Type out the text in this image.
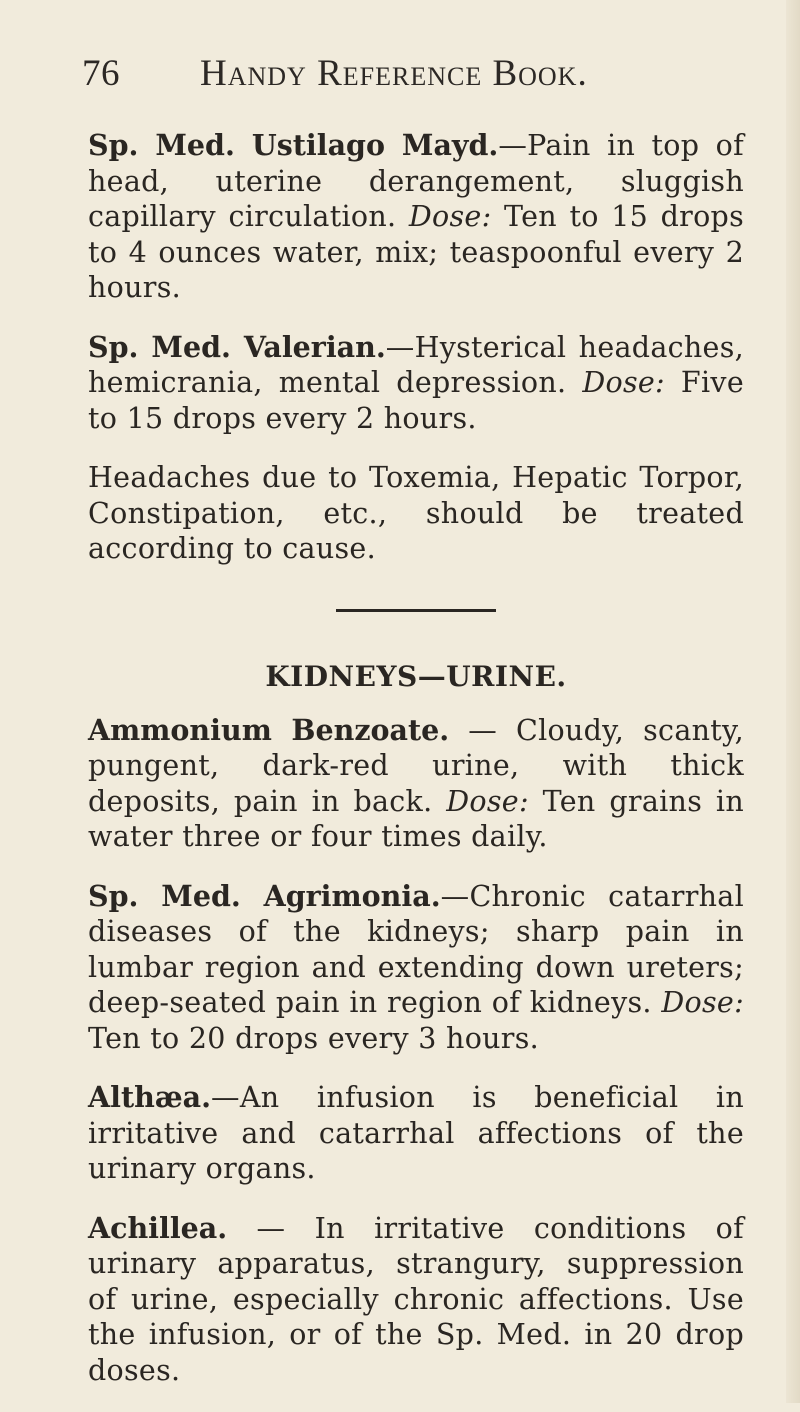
76 Handy Reference Book.

Sp. Med. Ustilago Mayd.—Pain in top of head, uterine derangement, sluggish capillary circulation. Dose: Ten to 15 drops to 4 ounces water, mix; teaspoonful every 2 hours.

Sp. Med. Valerian.—Hysterical headaches, hemicrania, mental depression. Dose: Five to 15 drops every 2 hours.

Headaches due to Toxemia, Hepatic Torpor, Constipation, etc., should be treated according to cause.

KIDNEYS—URINE.

Ammonium Benzoate. — Cloudy, scanty, pungent, dark-red urine, with thick deposits, pain in back. Dose: Ten grains in water three or four times daily.

Sp. Med. Agrimonia.—Chronic catarrhal diseases of the kidneys; sharp pain in lumbar region and extending down ureters; deep-seated pain in region of kidneys. Dose: Ten to 20 drops every 3 hours.

Althæa.—An infusion is beneficial in irritative and catarrhal affections of the urinary organs.

Achillea. — In irritative conditions of urinary apparatus, strangury, suppression of urine, especially chronic affections. Use the infusion, or of the Sp. Med. in 20 drop doses.
